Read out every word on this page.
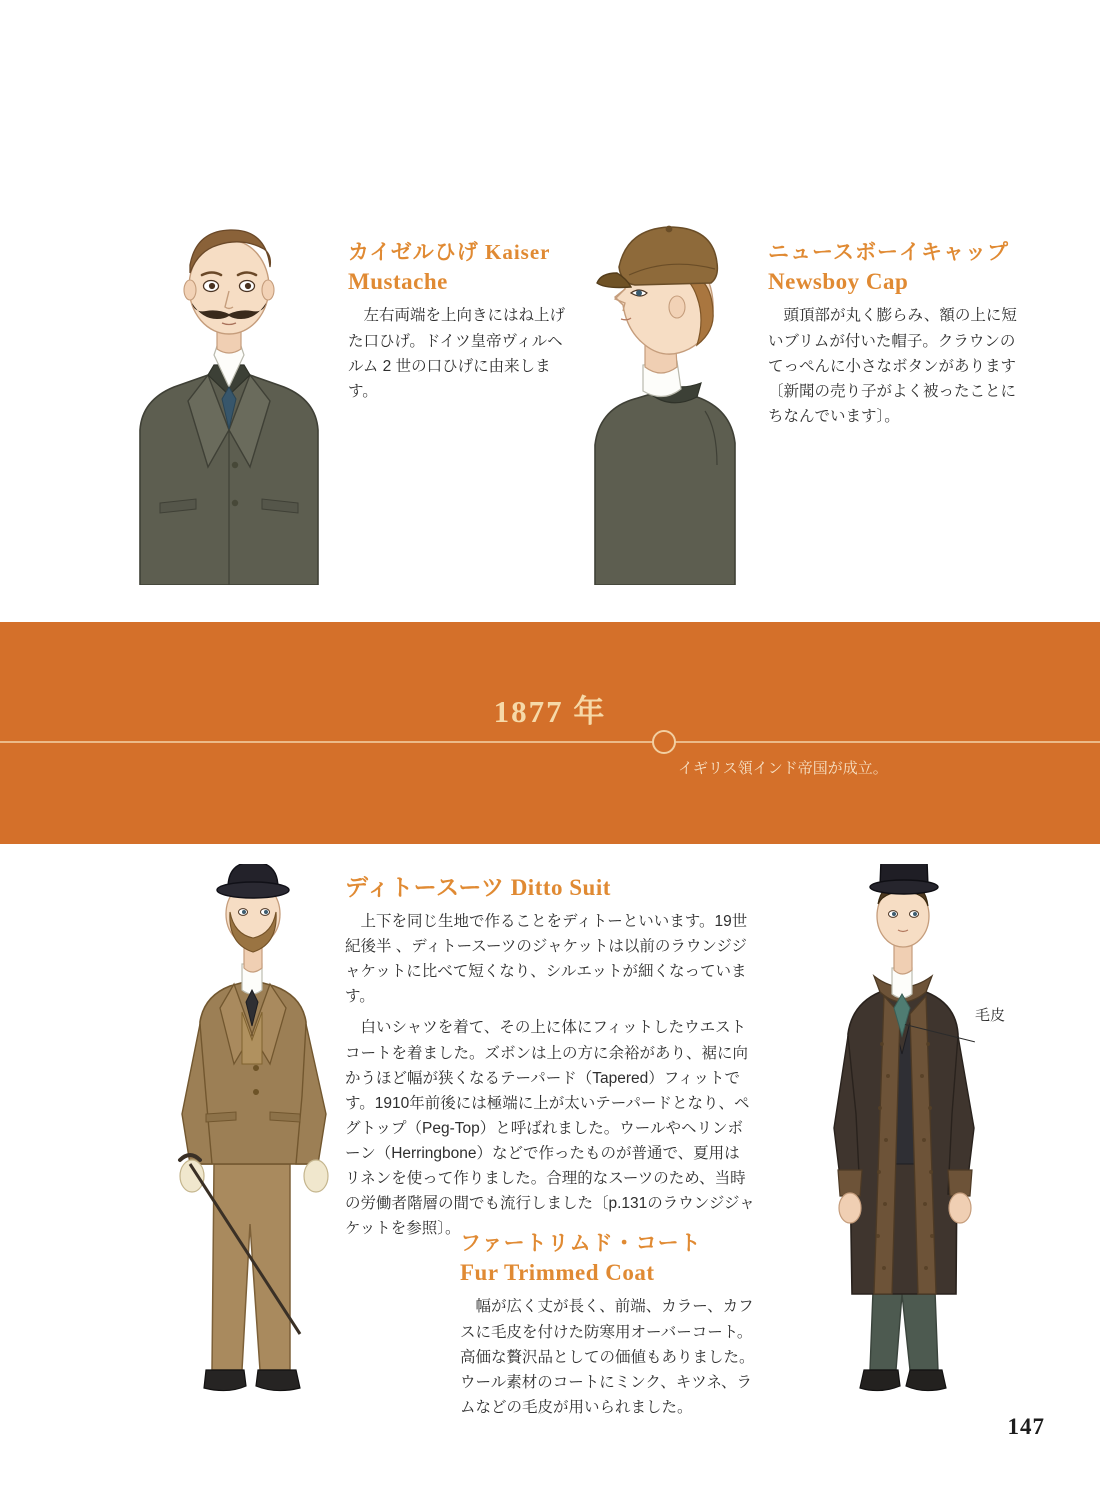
カイゼルひげ Kaiser
Mustache

左右両端を上向きにはね上げた口ひげ。ドイツ皇帝ヴィルヘルム 2 世の口ひげに由来します。

ニュースボーイキャップ
Newsboy Cap

頭頂部が丸く膨らみ、額の上に短いブリムが付いた帽子。クラウンのてっぺんに小さなボタンがあります〔新聞の売り子がよく被ったことにちなんでいます〕。

1877 年
イギリス領インド帝国が成立。
ディトースーツ Ditto Suit

上下を同じ生地で作ることをディトーといいます。19世紀後半 、ディトースーツのジャケットは以前のラウンジジャケットに比べて短くなり、シルエットが細くなっています。

白いシャツを着て、その上に体にフィットしたウエストコートを着ました。ズボンは上の方に余裕があり、裾に向かうほど幅が狭くなるテーパード（Tapered）フィットです。1910年前後には極端に上が太いテーパードとなり、ペグトップ（Peg-Top）と呼ばれました。ウールやヘリンボーン（Herringbone）などで作ったものが普通で、夏用はリネンを使って作りました。合理的なスーツのため、当時の労働者階層の間でも流行しました〔p.131のラウンジジャケットを参照〕。

ファートリムド・コート
Fur Trimmed Coat

幅が広く丈が長く、前端、カラー、カフスに毛皮を付けた防寒用オーバーコート。高価な贅沢品としての価値もありました。ウール素材のコートにミンク、キツネ、ラムなどの毛皮が用いられました。

毛皮
147
